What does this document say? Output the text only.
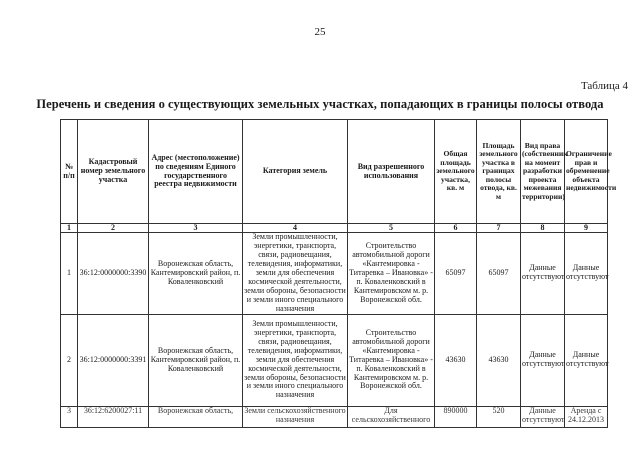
25
Таблица 4
Перечень и сведения о существующих земельных участках, попадающих в границы полосы отвода
№ п/п	Кадастровый номер земельного участка	Адрес (местоположение) по сведениям Единого государственного реестра недвижимости	Категория земель	Вид разрешенного использования	Общая площадь земельного участка, кв. м	Площадь земельного участка в границах полосы отвода, кв. м	Вид права (собственник на момент разработки проекта межевания территории)	Ограничение прав и обременение объекта недвижимости
1	2	3	4	5	6	7	8	9
1	36:12:0000000:3390	Воронежская область, Кантемировский район, п. Коваленковский	Земли промышленности, энергетики, транспорта, связи, радиовещания, телевидения, информатики, земли для обеспечения космической деятельности, земли обороны, безопасности и земли иного специального назначения	Строительство автомобильной дороги «Кантемировка - Титаревка – Ивановка» - п. Коваленковский в Кантемировском м. р. Воронежской обл.	65097	65097	Данные отсутствуют	Данные отсутствуют
2	36:12:0000000:3391	Воронежская область, Кантемировский район, п. Коваленковский	Земли промышленности, энергетики, транспорта, связи, радиовещания, телевидения, информатики, земли для обеспечения космической деятельности, земли обороны, безопасности и земли иного специального назначения	Строительство автомобильной дороги «Кантемировка - Титаревка – Ивановка» - п. Коваленковский в Кантемировском м. р. Воронежской обл.	43630	43630	Данные отсутствуют	Данные отсутствуют
3	36:12:6200027:11	Воронежская область,	Земли сельскохозяйственного назначения	Для сельскохозяйственного	890000	520	Данные отсутствуют	Аренда с 24.12.2013
